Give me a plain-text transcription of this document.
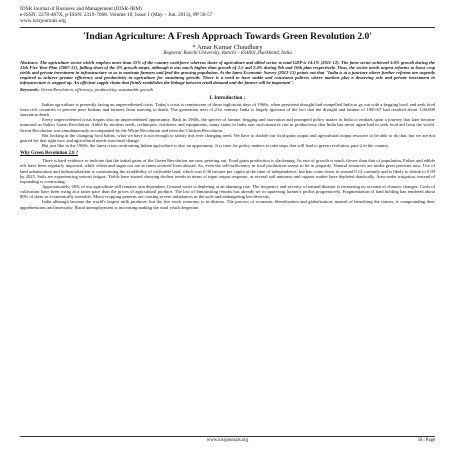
IOSR Journal of Business and Management (IOSR-JBM)

e-ISSN: 2278-487X, p-ISSN: 2319-7668. Volume 10, Issue 1 (May. - Jun. 2013), PP 50-57

www.iosrjournals.org

'Indian Agriculture: A Fresh Approach Towards Green Revolution 2.0'
* Amar Kumar Chaudhary
Registrar Ranchi University, Ranchi – 834001,Jharkhand, India

Abstract: The agriculture sector which employs more than 55% of the country workforce whereas share of agriculture and allied sector to total GDP is 14.1% (2011-12). The farm sector achieved 3.6% growth during the 11th Five Year Plan (2007-12), falling short of the 4% growth target, although it was much higher than growth of 2.5 and 2.4% during 9th and 10th plan respectively. Thus, the sector needs urgent reforms to boost crop yields and private investment in infrastructure so as to motivate farmers and feed the growing population. At the latest Economic Survey (2012-13) points out that "India is at a juncture where further reforms are urgently required to achieve greater efficiency and productivity in agriculture for sustaining growth. There is a need to have stable and consistent policies where markets play a deserving role and private investment in infrastructure is stepped up. An efficient supply chain that firmly establishes the linkage between retail demand and the farmer will be important".

Keywords: Green Revolution, efficiency, productivity, sustainable growth

I. Introduction :

Indian agriculture is presently facing an unprecedented crisis. Today's crisis is reminiscent of those inglorious days of 1960s, when persistent drought had compelled India to go out with a begging bowl and seek food from rich countries to prevent poor Indians and farmers from starving to death. The generation next of 21st century, India is largely ignorant of the fact that the drought and famine of 1965-67 had resulted about 1,00,000 starvation death.

Every unprecedented crisis begins also an unprecedented opportunity. Back in 1960s, the specter of famine, begging and starvation and prompted policy maker in India to embark upon a journey that later became immortal as India's Green Revolution. Aided by modern seeds, techniques, fertilizers and equipments, many states in India saw such massive rise in productivity that India has never again had to seek food aid from the world. Green Revolution was simultaneously accompanied by the White Revolution and even the Chicken Revolution.

But looking at the changing food habits, what we have is not enough to satisfy this ever changing need. We have to double our food grain output and agricultural output resource to be able to do that, but we are not geared for that right now and agricultural needs structural change.

But just like in the 1960s, the latest crisis confronting Indian agriculture is also an opportunity. It is time for policy makers to take steps that will lead to green revolution, part-2 in the country.

Why Green Revolution 2.0 ?

There is hard evidence to indicate that the initial gains of the Green Revolution are now petering out. Food grain production is slackening. Its rate of growth is much slower than that of population. Pulses and edible oils have been regularly imported, while wheat and sugar too are at times sourced from abroad. So, even the self-sufficiency in food production seems to be in jeopardy. Natural resources are under great pressure now. Use of land urbanization and industrialization is constraining the availability of cultivable land, which was 0.36 hectare per capita at the time of independence, but has come down to around 0.12 currently and is likely to shrink to 0.09 by 2025. Soils are experiencing serious fatigue. Yields have started showing decline trends in terms of input output response, as several soil nutrients and organic matter have depleted drastically. Area under irrigation, instead of expanding is contracting.

Approximately, 60% of our agriculture still remains rain dependent. Ground water is depleting at an alarming rate. The frequency and severity of natural disaster is increasing on account of climatic changes. Costs of cultivation have been rising at a faster pace than the prices of agricultural produce. The law of diminishing returns has already set in squeezing farmer's profits progressively. Fragmentation of land holding has rendered about 80% of them as economically unviable. Mono cropping patterns are causing severe imbalances in the soils and endangering bio-diversity.

India although became the world's largest milk producer, but the live stock economy is in distress. The process of economic liberalization and globalization, instead of benefiting the farmer, is compounding their apprehensions and insecurity. Rural unemployment is increasing making the rural youth desperate.

www.iosrjournals.org	50 | Page
